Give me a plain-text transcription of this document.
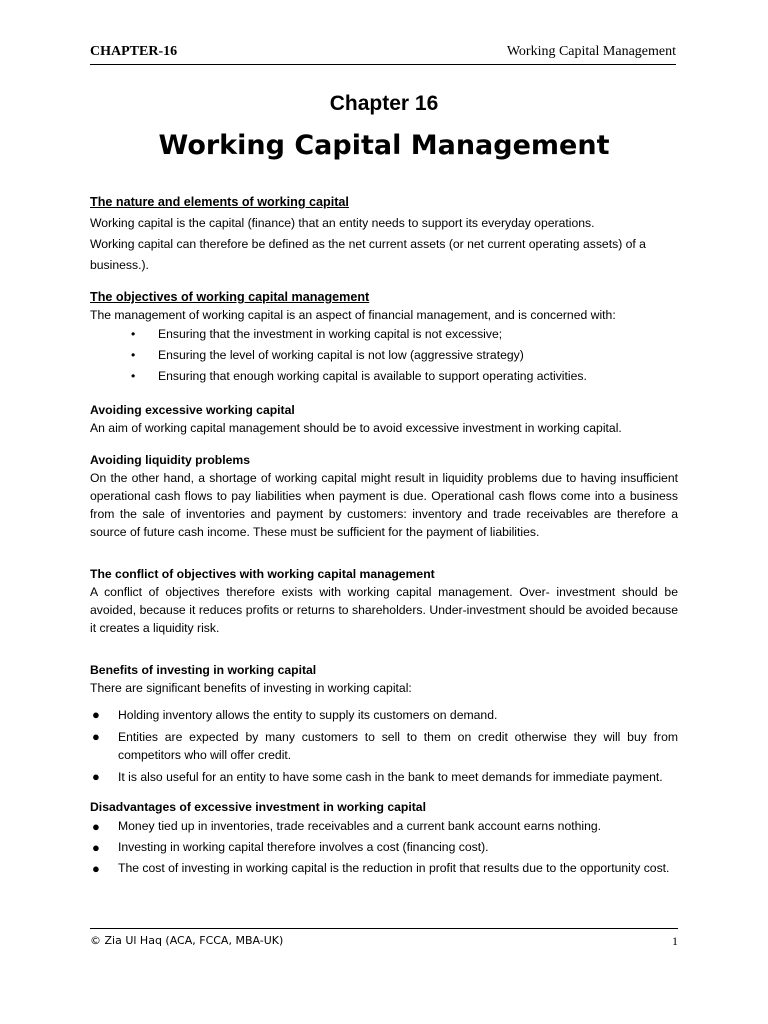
CHAPTER-16	Working Capital Management
Chapter 16
Working Capital Management

The nature and elements of working capital

Working capital is the capital (finance) that an entity needs to support its everyday operations.

Working capital can therefore be defined as the net current assets (or net current operating assets) of a business.).

The objectives of working capital management

The management of working capital is an aspect of financial management, and is concerned with:

• Ensuring that the investment in working capital is not excessive;
• Ensuring the level of working capital is not low (aggressive strategy)
• Ensuring that enough working capital is available to support operating activities.

Avoiding excessive working capital

An aim of working capital management should be to avoid excessive investment in working capital.

Avoiding liquidity problems

On the other hand, a shortage of working capital might result in liquidity problems due to having insufficient operational cash flows to pay liabilities when payment is due. Operational cash flows come into a business from the sale of inventories and payment by customers: inventory and trade receivables are therefore a source of future cash income. These must be sufficient for the payment of liabilities.

The conflict of objectives with working capital management

A conflict of objectives therefore exists with working capital management. Over- investment should be avoided, because it reduces profits or returns to shareholders. Under-investment should be avoided because it creates a liquidity risk.

Benefits of investing in working capital

There are significant benefits of investing in working capital:

● Holding inventory allows the entity to supply its customers on demand.
● Entities are expected by many customers to sell to them on credit otherwise they will buy from competitors who will offer credit.
● It is also useful for an entity to have some cash in the bank to meet demands for immediate payment.

Disadvantages of excessive investment in working capital

● Money tied up in inventories, trade receivables and a current bank account earns nothing.
● Investing in working capital therefore involves a cost (financing cost).
● The cost of investing in working capital is the reduction in profit that results due to the opportunity cost.
© Zia Ul Haq (ACA, FCCA, MBA-UK)	1
